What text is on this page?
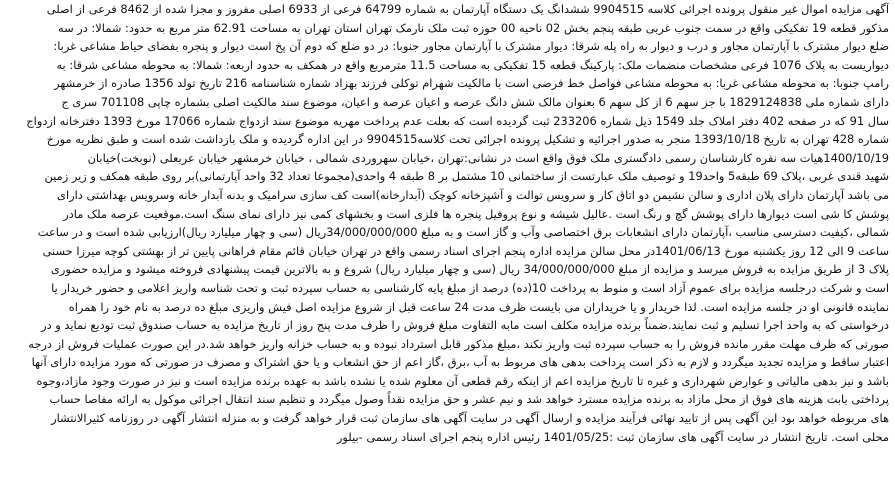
آگهی مزایده اموال غیر منقول پرونده اجرائی کلاسه 9904515 ششدانگ یک دستگاه آپارتمان به شماره 64799 فرعی از 6933 اصلی مفروز و مجزا شده از 8462 فرعی از اصلی
مذکور قطعه 19 تفکیکی واقع در سمت جنوب غربی طبقه پنجم بخش 02 ناحیه 00 حوزه ثبت ملک نارمک تهران استان تهران به مساحت 62.91 متر مربع به حدود: شمالا: در سه
ضلع دیوار مشترک با آپارتمان مجاور و درب و دیوار به راه پله شرقا: دیوار مشترک با آپارتمان مجاور جنوبا: در دو ضلع که دوم آن پخ است دیوار و پنجره بفضای حیاط مشاعی غربا:
دیواریست به پلاک 1076 فرعی مشخصات منضمات ملک: پارکینگ قطعه 15 تفکیکی به مساحت 11.5 مترمربع واقع در همکف به حدود اربعه: شمالا: به محوطه مشاعی شرقا: به
رامپ جنوبا: به محوطه مشاعی غربا: به محوطه مشاعی فواصل خط فرضی است با مالکیت شهرام توکلی فرزند بهزاد شماره شناسنامه 216 تاریخ تولد 1356 صادره از خرمشهر
دارای شماره ملی 1829124838 با جز سهم 6 از کل سهم 6 بعنوان مالک شش دانگ عرصه و اعیان عرصه و اعیان، موضوع سند مالکیت اصلی بشماره چاپی 701108 سری ج
سال 91 که در صفحه 402 دفتر املاک جلد 1549 ذیل شماره 233206 ثبت گردیده است که بعلت عدم پرداخت مهریه موضوع سند ازدواج شماره 17066 مورخ 1393 دفترخانه ازدواج
شماره 428 تهران به تاریخ 1393/10/18 منجر به صدور اجرائیه و تشکیل پرونده اجرائی تحت کلاسه9904515 در این اداره گردیده و ملک بازداشت شده است و طبق نظریه مورخ
1400/10/19هیات سه نفره کارشناسان رسمی دادگستری ملک فوق واقع است در نشانی:تهران ،خیابان سهروردی شمالی ، خیابان خرمشهر خیابان عربعلی (نوبخت)خیابان
شهید قندی غربی ،پلاک 69 طبقه5 واحد19 و توصیف ملک عبارتست از ساختمانی 10 مشتمل بر 8 طبقه 4 واحدی(مجموعا تعداد 32 واحد آپارتمانی)بر روی طبقه همکف و زیر زمین
می باشد آپارتمان دارای پلان اداری و سالن نشیمن دو اتاق کار و سرویس توالت و آشپزخانه کوچک (آبدارخانه)است کف سازی سرامیک و بدنه آبدار خانه وسرویس بهداشتی دارای
پوشش کا شی است دیوارها دارای پوشش گچ و رنگ است .عالیل شیشه و نوع پروفیل پنجره ها فلزی است و بخشهای کمی نیز دارای نمای سنگ است.موقعیت عرصه ملک مادر
شمالی ،کیفیت دسترسی مناسب ،آپارتمان دارای انشعابات برق اختصاصی وآب و گاز است و به مبلغ 34/000/000/000ریال (سی و چهار میلیارد ریال)ارزیابی شده است و در ساعت
ساعت 9 الی 12 روز یکشنبه مورخ 1401/06/13در محل سالن مزایده اداره پنجم اجرای اسناد رسمی واقع در تهران خیابان قائم مقام فراهانی پایین تر از بهشتی کوچه میرزا حسنی
پلاک 3 از طریق مزایده به فروش میرسد و مزایده از مبلغ 34/000/000/000 ریال (سی و چهار میلیارد ریال) شروع و به بالاترین قیمت پیشنهادی فروخته میشود و مزایده حضوری
است و شرکت درجلسه مزایده برای عموم آزاد است و منوط به پرداخت 10(ده) درصد از مبلغ پایه کارشناسی به حساب سپرده ثبت و تحت شناسه واریز اعلامی و حضور خریدار یا
نماینده قانونی او در جلسه مزایده است. لذا خریدار و یا خریداران می بایست ظرف مدت 24 ساعت قبل از شروع مزایده اصل فیش واریزی مبلغ ده درصد به نام خود را همراه
درخواستی که به واحد اجرا تسلیم و ثبت نمایند.ضمناً برنده مزایده مکلف است مابه التفاوت مبلغ فروش را ظرف مدت پنج روز از تاریخ مزایده به حساب صندوق ثبت تودیع نماید و در
صورتی که ظرف مهلت مقرر مانده فروش را به حساب سپرده ثبت واریز نکند ،مبلغ مذکور قابل استرداد نبوده و به حساب خزانه واریز خواهد شد.در این صورت عملیات فروش از درجه
اعتبار ساقط و مزایده تجدید میگردد و لازم به ذکر است پرداخت بدهی های مربوط به آب ،برق ،گاز اعم از حق انشعاب و یا حق اشتراک و مصرف در صورتی که مورد مزایده دارای آنها
باشد و نیز بدهی مالیاتی و عوارض شهرداری و غیره تا تاریخ مزایده اعم از اینکه رقم قطعی آن معلوم شده یا نشده باشد به عهده برنده مزایده است و نیز در صورت وجود مازاد،وجوه
پرداختی بابت هزینه های فوق از محل مازاد به برنده مزایده مسترد خواهد شد و نیم عشر و حق مزایده نقداً وصول میگردد و تنظیم سند انتقال اجرائی موکول به ارائه مفاصا حساب
های مربوطه خواهد بود این آگهی پس از تایید نهائی فرآیند مزایده و ارسال آگهی در سایت آگهی های سازمان ثبت قرار خواهد گرفت و به منزله انتشار آگهی در روزنامه کثیرالانتشار
محلی است. تاریخ انتشار در سایت آگهی های سازمان ثبت :1401/05/25 رئیس اداره پنجم اجرای اسناد رسمی -بیلور
